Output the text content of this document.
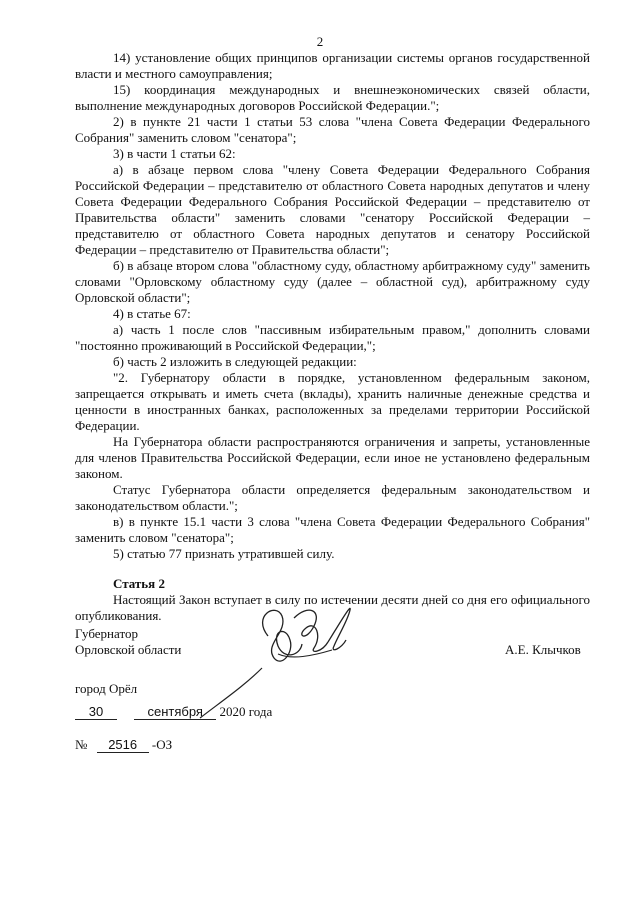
2

14) установление общих принципов организации системы органов государственной власти и местного самоуправления;

15) координация международных и внешнеэкономических связей области, выполнение международных договоров Российской Федерации.";

2) в пункте 21 части 1 статьи 53 слова "члена Совета Федерации Федерального Собрания" заменить словом "сенатора";

3) в части 1 статьи 62:

а) в абзаце первом слова "члену Совета Федерации Федерального Собрания Российской Федерации – представителю от областного Совета народных депутатов и члену Совета Федерации Федерального Собрания Российской Федерации – представителю от Правительства области" заменить словами "сенатору Российской Федерации – представителю от областного Совета народных депутатов и сенатору Российской Федерации – представителю от Правительства области";

б) в абзаце втором слова "областному суду, областному арбитражному суду" заменить словами "Орловскому областному суду (далее – областной суд), арбитражному суду Орловской области";

4) в статье 67:

а) часть 1 после слов "пассивным избирательным правом," дополнить словами "постоянно проживающий в Российской Федерации,";

б) часть 2 изложить в следующей редакции:

"2. Губернатору области в порядке, установленном федеральным законом, запрещается открывать и иметь счета (вклады), хранить наличные денежные средства и ценности в иностранных банках, расположенных за пределами территории Российской Федерации.

На Губернатора области распространяются ограничения и запреты, установленные для членов Правительства Российской Федерации, если иное не установлено федеральным законом.

Статус Губернатора области определяется федеральным законодательством и законодательством области.";

в) в пункте 15.1 части 3 слова "члена Совета Федерации Федерального Собрания" заменить словом "сенатора";

5) статью 77 признать утратившей силу.

Статья 2

Настоящий Закон вступает в силу по истечении десяти дней со дня его официального опубликования.

Губернатор
Орловской области	А.Е. Клычков
город Орёл
30	сентября 2020 года
№ 2516 -ОЗ
